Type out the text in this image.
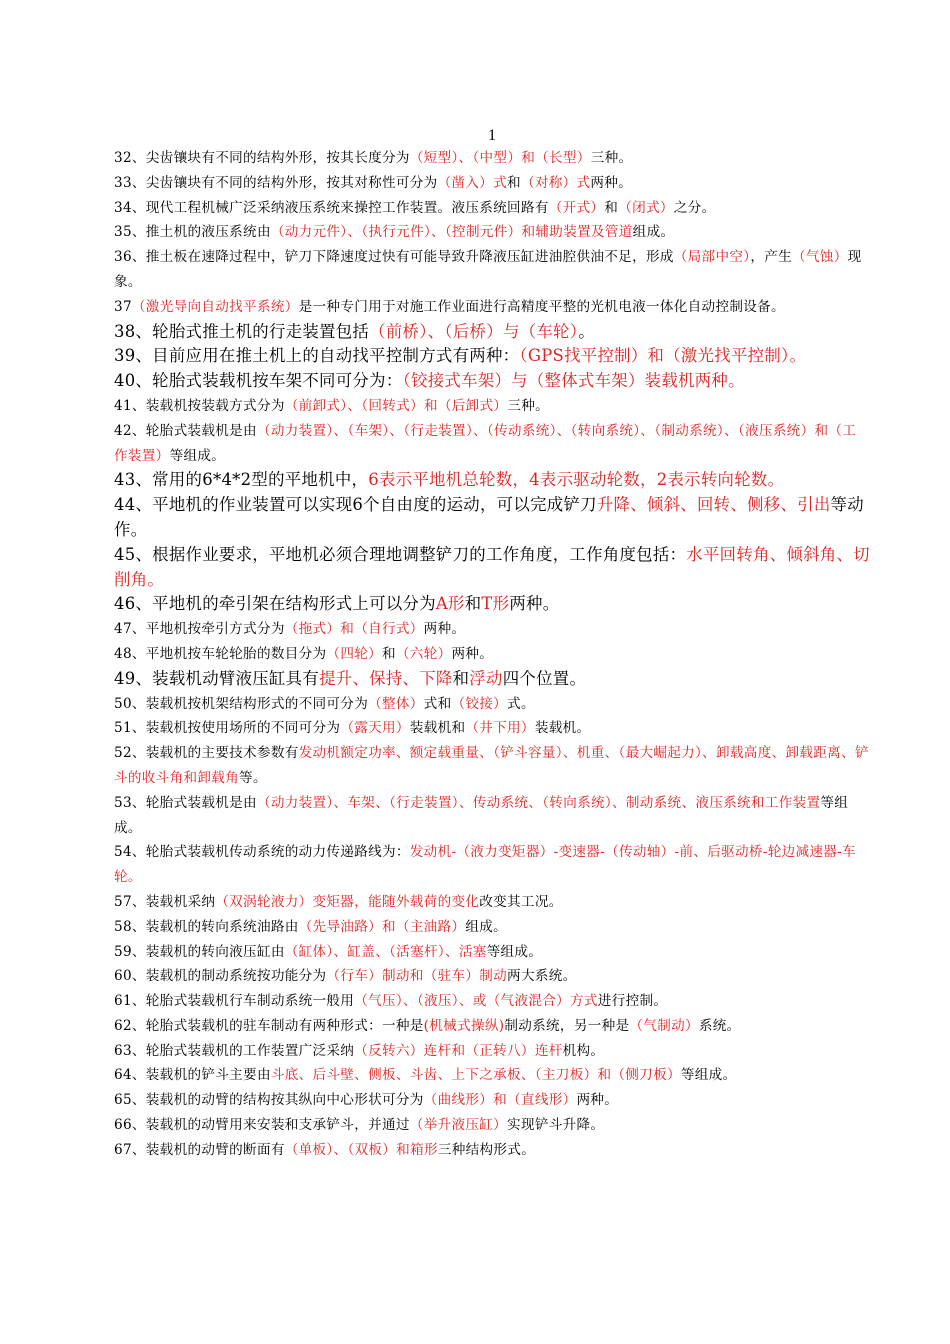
1

32、尖齿镶块有不同的结构外形，按其长度分为（短型）、（中型）和（长型）三种。

33、尖齿镶块有不同的结构外形，按其对称性可分为（凿入）式和（对称）式两种。

34、现代工程机械广泛采纳液压系统来操控工作装置。液压系统回路有（开式）和（闭式）之分。

35、推土机的液压系统由（动力元件）、（执行元件）、（控制元件）和辅助装置及管道组成。

36、推土板在速降过程中，铲刀下降速度过快有可能导致升降液压缸进油腔供油不足，形成（局部中空），产生（气蚀）现象。

37（激光导向自动找平系统）是一种专门用于对施工作业面进行高精度平整的光机电液一体化自动控制设备。

38、轮胎式推土机的行走装置包括（前桥）、（后桥）与（车轮）。

39、目前应用在推土机上的自动找平控制方式有两种：（GPS找平控制）和（激光找平控制）。

40、轮胎式装载机按车架不同可分为：（铰接式车架）与（整体式车架）装载机两种。

41、装载机按装载方式分为（前卸式）、（回转式）和（后卸式）三种。

42、轮胎式装载机是由（动力装置）、（车架）、（行走装置）、（传动系统）、（转向系统）、（制动系统）、（液压系统）和（工作装置）等组成。

43、常用的6*4*2型的平地机中，6表示平地机总轮数，4表示驱动轮数，2表示转向轮数。

44、平地机的作业装置可以实现6个自由度的运动，可以完成铲刀升降、倾斜、回转、侧移、引出等动作。

45、根据作业要求，平地机必须合理地调整铲刀的工作角度，工作角度包括：水平回转角、倾斜角、切削角。

46、平地机的牵引架在结构形式上可以分为A形和T形两种。

47、平地机按牵引方式分为（拖式）和（自行式）两种。

48、平地机按车轮轮胎的数目分为（四轮）和（六轮）两种。

49、装载机动臂液压缸具有提升、保持、下降和浮动四个位置。

50、装载机按机架结构形式的不同可分为（整体）式和（铰接）式。

51、装载机按使用场所的不同可分为（露天用）装载机和（井下用）装载机。

52、装载机的主要技术参数有发动机额定功率、额定载重量、（铲斗容量）、机重、（最大崛起力）、卸载高度、卸载距离、铲斗的收斗角和卸载角等。

53、轮胎式装载机是由（动力装置）、车架、（行走装置）、传动系统、（转向系统）、制动系统、液压系统和工作装置等组成。

54、轮胎式装载机传动系统的动力传递路线为：发动机-（液力变矩器）-变速器-（传动轴）-前、后驱动桥-轮边减速器-车轮。

57、装载机采纳（双涡轮液力）变矩器，能随外载荷的变化改变其工况。

58、装载机的转向系统油路由（先导油路）和（主油路）组成。

59、装载机的转向液压缸由（缸体）、缸盖、（活塞杆）、活塞等组成。

60、装载机的制动系统按功能分为（行车）制动和（驻车）制动两大系统。

61、轮胎式装载机行车制动系统一般用（气压）、（液压）、或（气液混合）方式进行控制。

62、轮胎式装载机的驻车制动有两种形式：一种是(机械式操纵)制动系统，另一种是（气制动）系统。

63、轮胎式装载机的工作装置广泛采纳（反转六）连杆和（正转八）连杆机构。

64、装载机的铲斗主要由斗底、后斗壁、侧板、斗齿、上下之承板、（主刀板）和（侧刀板）等组成。

65、装载机的动臂的结构按其纵向中心形状可分为（曲线形）和（直线形）两种。

66、装载机的动臂用来安装和支承铲斗，并通过（举升液压缸）实现铲斗升降。

67、装载机的动臂的断面有（单板）、（双板）和箱形三种结构形式。
